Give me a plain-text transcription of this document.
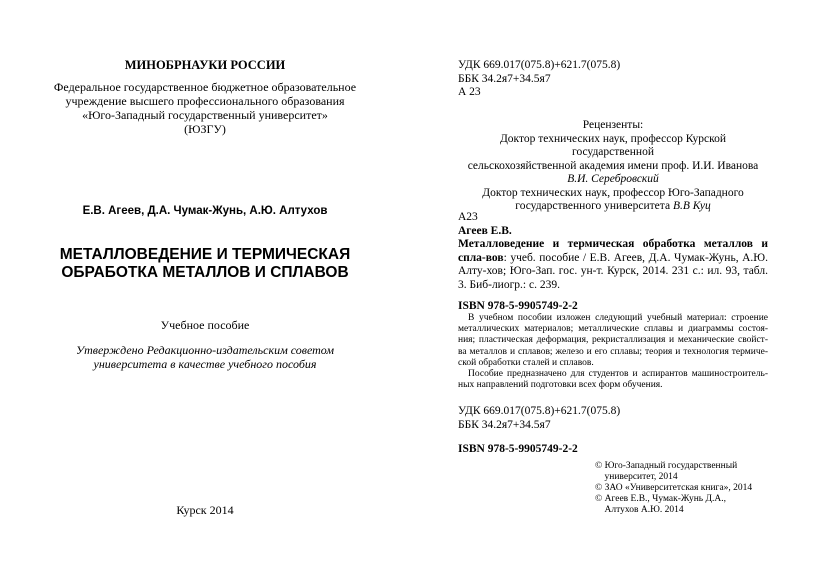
МИНОБРНАУКИ РОССИИ
Федеральное государственное бюджетное образовательное
учреждение высшего профессионального образования
«Юго-Западный государственный университет»
(ЮЗГУ)
Е.В. Агеев, Д.А. Чумак-Жунь, А.Ю. Алтухов
МЕТАЛЛОВЕДЕНИЕ И ТЕРМИЧЕСКАЯ
ОБРАБОТКА МЕТАЛЛОВ И СПЛАВОВ
Учебное пособие
Утверждено Редакционно-издательским советом
университета в качестве учебного пособия
Курск 2014
УДК 669.017(075.8)+621.7(075.8)
ББК 34.2я7+34.5я7
А 23
Рецензенты:
Доктор технических наук, профессор Курской государственной
сельскохозяйственной академия имени проф. И.И. Иванова
В.И. Серебровский
Доктор технических наук, профессор Юго-Западного
государственного университета В.В Куц
А23
Агеев Е.В.
Металловедение и термическая обработка металлов и спла-вов: учеб. пособие / Е.В. Агеев, Д.А. Чумак-Жунь, А.Ю. Алту-хов; Юго-Зап. гос. ун-т. Курск, 2014. 231 с.: ил. 93, табл. 3. Биб-лиогр.: с. 239.
ISBN 978-5-9905749-2-2

В учебном пособии изложен следующий учебный материал: строение металлических материалов; металлические сплавы и диаграммы состоя-ния; пластическая деформация, рекристаллизация и механические свойст-ва металлов и сплавов; железо и его сплавы; теория и технология термиче-ской обработки сталей и сплавов.

Пособие предназначено для студентов и аспирантов машиностроитель-ных направлений подготовки всех форм обучения.

УДК 669.017(075.8)+621.7(075.8)
ББК 34.2я7+34.5я7
ISBN 978-5-9905749-2-2
© Юго-Западный государственный
университет, 2014
© ЗАО «Университетская книга», 2014
© Агеев Е.В., Чумак-Жунь Д.А.,
Алтухов А.Ю. 2014
